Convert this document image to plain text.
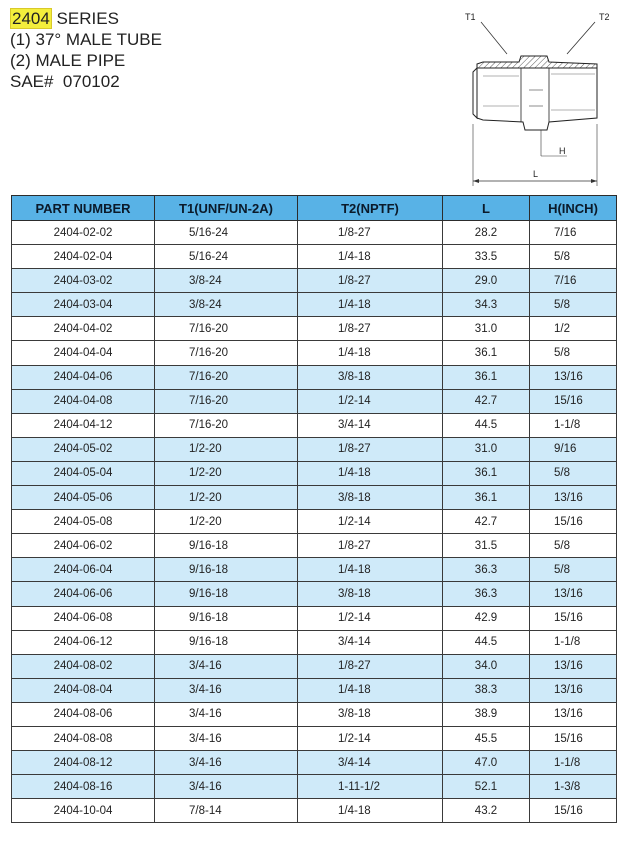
2404 SERIES
(1) 37° MALE TUBE
(2) MALE PIPE
SAE#  070102
T1	T2
H
L
PART NUMBER	T1(UNF/UN-2A)	T2(NPTF)	L	H(INCH)
2404-02-02	5/16-24	1/8-27	28.2	7/16
2404-02-04	5/16-24	1/4-18	33.5	5/8
2404-03-02	3/8-24	1/8-27	29.0	7/16
2404-03-04	3/8-24	1/4-18	34.3	5/8
2404-04-02	7/16-20	1/8-27	31.0	1/2
2404-04-04	7/16-20	1/4-18	36.1	5/8
2404-04-06	7/16-20	3/8-18	36.1	13/16
2404-04-08	7/16-20	1/2-14	42.7	15/16
2404-04-12	7/16-20	3/4-14	44.5	1-1/8
2404-05-02	1/2-20	1/8-27	31.0	9/16
2404-05-04	1/2-20	1/4-18	36.1	5/8
2404-05-06	1/2-20	3/8-18	36.1	13/16
2404-05-08	1/2-20	1/2-14	42.7	15/16
2404-06-02	9/16-18	1/8-27	31.5	5/8
2404-06-04	9/16-18	1/4-18	36.3	5/8
2404-06-06	9/16-18	3/8-18	36.3	13/16
2404-06-08	9/16-18	1/2-14	42.9	15/16
2404-06-12	9/16-18	3/4-14	44.5	1-1/8
2404-08-02	3/4-16	1/8-27	34.0	13/16
2404-08-04	3/4-16	1/4-18	38.3	13/16
2404-08-06	3/4-16	3/8-18	38.9	13/16
2404-08-08	3/4-16	1/2-14	45.5	15/16
2404-08-12	3/4-16	3/4-14	47.0	1-1/8
2404-08-16	3/4-16	1-11-1/2	52.1	1-3/8
2404-10-04	7/8-14	1/4-18	43.2	15/16
